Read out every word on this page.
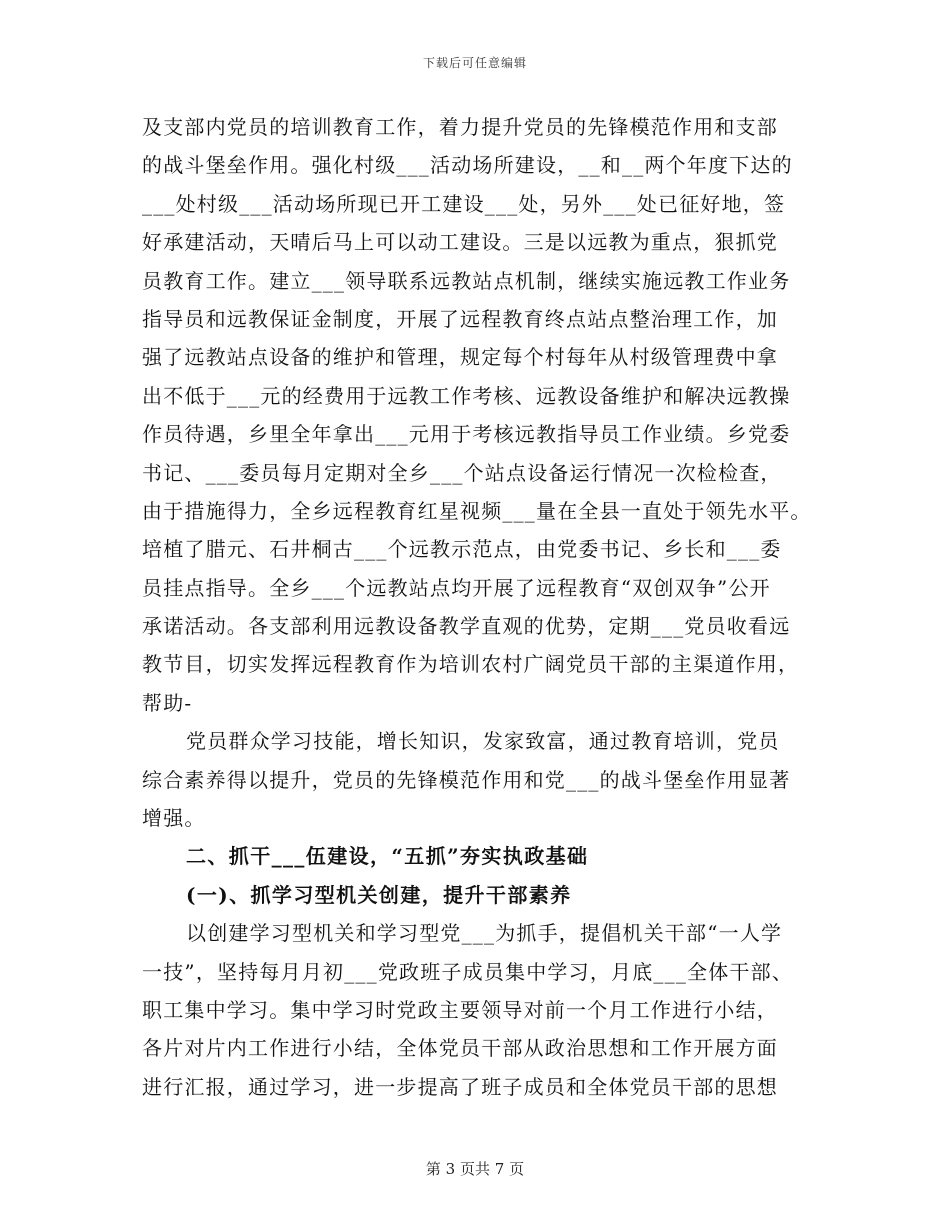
下载后可任意编辑
及支部内党员的培训教育工作，着力提升党员的先锋模范作用和支部
的战斗堡垒作用。强化村级___活动场所建设，__和__两个年度下达的
___处村级___活动场所现已开工建设___处，另外___处已征好地，签
好承建活动，天晴后马上可以动工建设。三是以远教为重点，狠抓党
员教育工作。建立___领导联系远教站点机制，继续实施远教工作业务
指导员和远教保证金制度，开展了远程教育终点站点整治理工作，加
强了远教站点设备的维护和管理，规定每个村每年从村级管理费中拿
出不低于___元的经费用于远教工作考核、远教设备维护和解决远教操
作员待遇，乡里全年拿出___元用于考核远教指导员工作业绩。乡党委
书记、___委员每月定期对全乡___个站点设备运行情况一次检检查，
由于措施得力，全乡远程教育红星视频___量在全县一直处于领先水平。
培植了腊元、石井桐古___个远教示范点，由党委书记、乡长和___委
员挂点指导。全乡___个远教站点均开展了远程教育“双创双争”公开
承诺活动。各支部利用远教设备教学直观的优势，定期___党员收看远
教节目，切实发挥远程教育作为培训农村广阔党员干部的主渠道作用，
帮助-
党员群众学习技能，增长知识，发家致富，通过教育培训，党员
综合素养得以提升，党员的先锋模范作用和党___的战斗堡垒作用显著
增强。
二、抓干___伍建设，“五抓”夯实执政基础
(一)、抓学习型机关创建，提升干部素养
以创建学习型机关和学习型党___为抓手，提倡机关干部“一人学
一技”，坚持每月月初___党政班子成员集中学习，月底___全体干部、
职工集中学习。集中学习时党政主要领导对前一个月工作进行小结，
各片对片内工作进行小结，全体党员干部从政治思想和工作开展方面
进行汇报，通过学习，进一步提高了班子成员和全体党员干部的思想
第 3 页共 7 页
